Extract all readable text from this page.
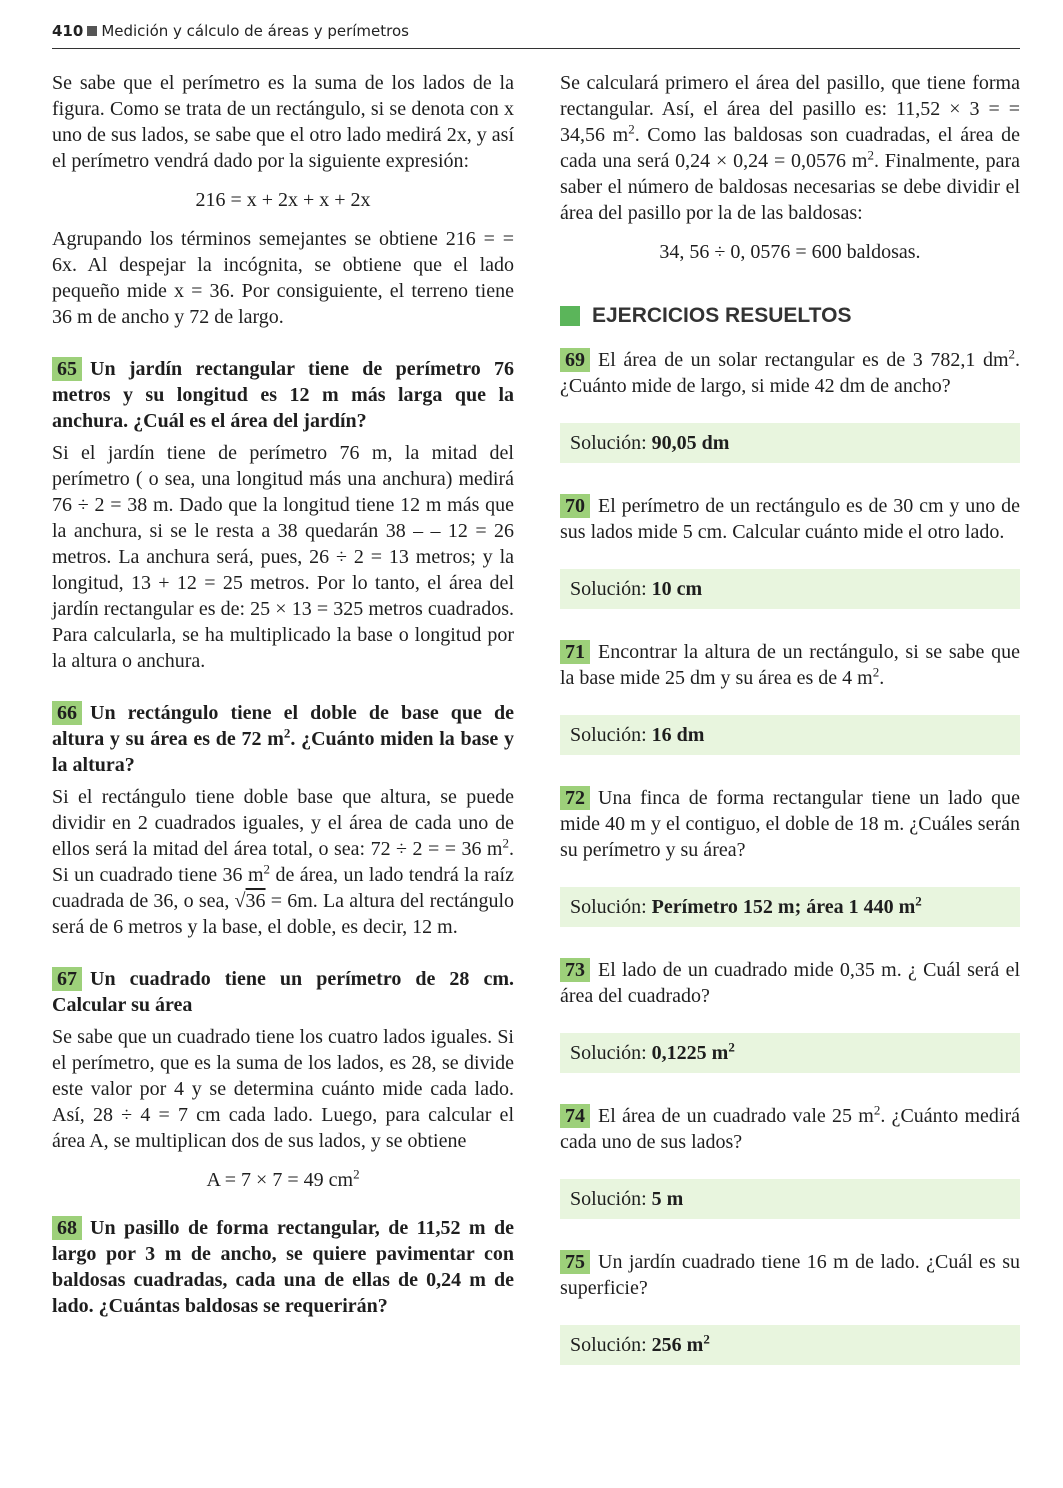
410 Medición y cálculo de áreas y perímetros

Se sabe que el perímetro es la suma de los lados de la figura. Como se trata de un rectángulo, si se denota con x uno de sus lados, se sabe que el otro lado medirá 2x, y así el perímetro vendrá dado por la siguiente expresión:

216 = x + 2x + x + 2x

Agrupando los términos semejantes se obtiene 216 = = 6x. Al despejar la incógnita, se obtiene que el lado pequeño mide x = 36. Por consiguiente, el terreno tiene 36 m de ancho y 72 de largo.

65 Un jardín rectangular tiene de perímetro 76 metros y su longitud es 12 m más larga que la anchura. ¿Cuál es el área del jardín?

Si el jardín tiene de perímetro 76 m, la mitad del perímetro ( o sea, una longitud más una anchura) medirá 76 ÷ 2 = 38 m. Dado que la longitud tiene 12 m más que la anchura, si se le resta a 38 quedarán 38 – – 12 = 26 metros. La anchura será, pues, 26 ÷ 2 = 13 metros; y la longitud, 13 + 12 = 25 metros. Por lo tanto, el área del jardín rectangular es de: 25 × 13 = 325 metros cuadrados. Para calcularla, se ha multiplicado la base o longitud por la altura o anchura.

66 Un rectángulo tiene el doble de base que de altura y su área es de 72 $m^2$. ¿Cuánto miden la base y la altura?

Si el rectángulo tiene doble base que altura, se puede dividir en 2 cuadrados iguales, y el área de cada uno de ellos será la mitad del área total, o sea: 72 ÷ 2 = = 36 $m^2$. Si un cuadrado tiene 36 $m^2$ de área, un lado tendrá la raíz cuadrada de 36, o sea, √36 = 6m. La altura del rectángulo será de 6 metros y la base, el doble, es decir, 12 m.

67 Un cuadrado tiene un perímetro de 28 cm. Calcular su área

Se sabe que un cuadrado tiene los cuatro lados iguales. Si el perímetro, que es la suma de los lados, es 28, se divide este valor por 4 y se determina cuánto mide cada lado. Así, 28 ÷ 4 = 7 cm cada lado. Luego, para calcular el área A, se multiplican dos de sus lados, y se obtiene

A = 7 × 7 = 49 $cm^2$

68 Un pasillo de forma rectangular, de 11,52 m de largo por 3 m de ancho, se quiere pavimentar con baldosas cuadradas, cada una de ellas de 0,24 m de lado. ¿Cuántas baldosas se requerirán?

Se calculará primero el área del pasillo, que tiene forma rectangular. Así, el área del pasillo es: 11,52 × 3 = = 34,56 $m^2$. Como las baldosas son cuadradas, el área de cada una será 0,24 × 0,24 = 0,0576 $m^2$. Finalmente, para saber el número de baldosas necesarias se debe dividir el área del pasillo por la de las baldosas:

34, 56 ÷ 0, 0576 = 600 baldosas.

EJERCICIOS RESUELTOS

69 El área de un solar rectangular es de 3 782,1 $dm^2$. ¿Cuánto mide de largo, si mide 42 dm de ancho?

Solución: 90,05 dm

70 El perímetro de un rectángulo es de 30 cm y uno de sus lados mide 5 cm. Calcular cuánto mide el otro lado.

Solución: 10 cm

71 Encontrar la altura de un rectángulo, si se sabe que la base mide 25 dm y su área es de 4 $m^2$.

Solución: 16 dm

72 Una finca de forma rectangular tiene un lado que mide 40 m y el contiguo, el doble de 18 m. ¿Cuáles serán su perímetro y su área?

Solución: Perímetro 152 m; área 1 440 $m^2$

73 El lado de un cuadrado mide 0,35 m. ¿ Cuál será el área del cuadrado?

Solución: 0,1225 $m^2$

74 El área de un cuadrado vale 25 $m^2$. ¿Cuánto medirá cada uno de sus lados?

Solución: 5 m

75 Un jardín cuadrado tiene 16 m de lado. ¿Cuál es su superficie?

Solución: 256 $m^2$
